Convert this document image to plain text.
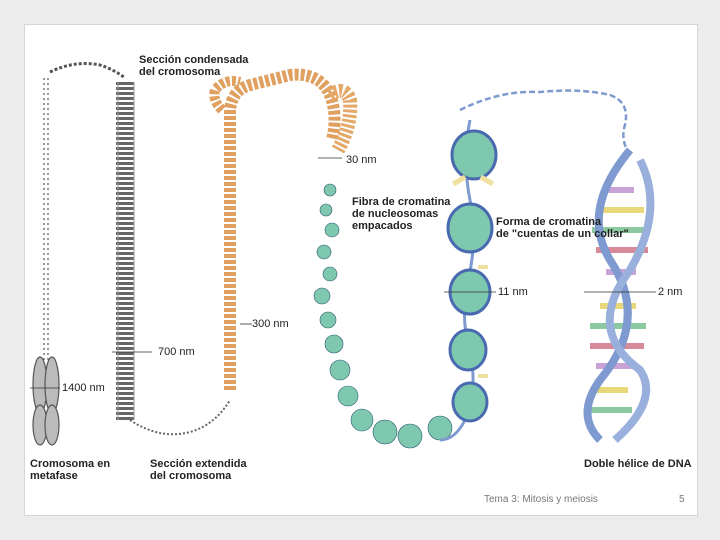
Sección condensada
del cromosoma
30 nm
Fibra de cromatina
de nucleosomas
empacados	Forma de cromatina
de "cuentas de un collar"
11 nm	2 nm
300 nm
700 nm
1400 nm
Cromosoma en
metafase
Sección extendida
del cromosoma
Doble hélice de DNA
Tema 3: Mitosis y meiosis	5
